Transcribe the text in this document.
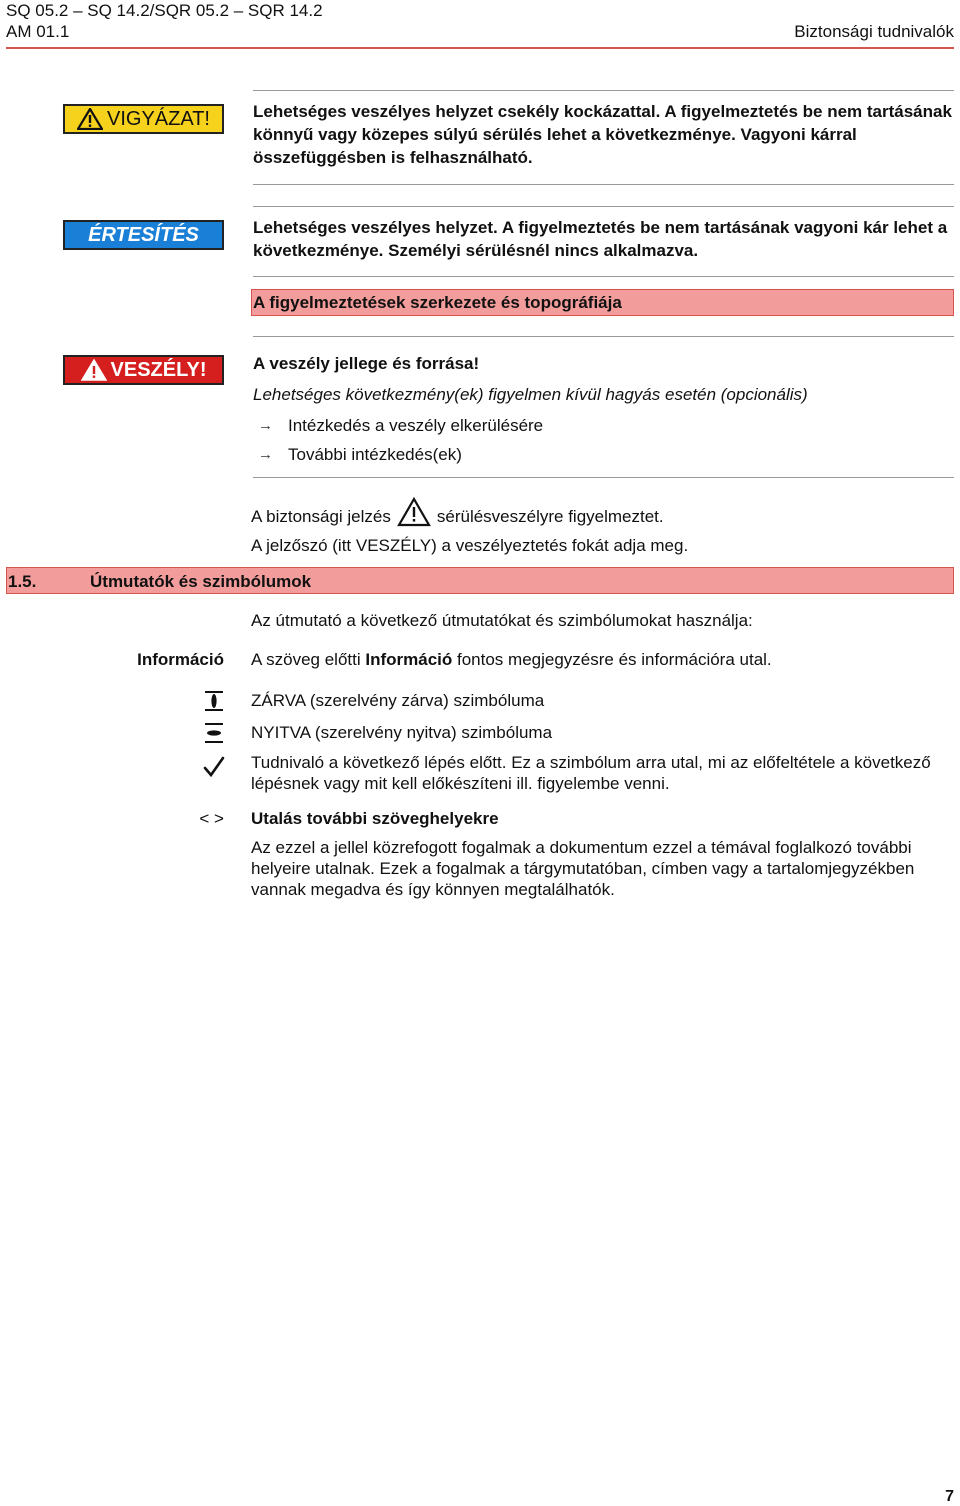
SQ 05.2 – SQ 14.2/SQR 05.2 – SQR 14.2
AM 01.1	Biztonsági tudnivalók
VIGYÁZAT!	Lehetséges veszélyes helyzet csekély kockázattal. A figyelmeztetés be nem tartásának könnyű vagy közepes súlyú sérülés lehet a következménye. Vagyoni kárral összefüggésben is felhasználható.
ÉRTESÍTÉS	Lehetséges veszélyes helyzet. A figyelmeztetés be nem tartásának vagyoni kár lehet a következménye. Személyi sérülésnél nincs alkalmazva.
A figyelmeztetések szerkezete és topográfiája
VESZÉLY!	A veszély jellege és forrása!
Lehetséges következmény(ek) figyelmen kívül hagyás esetén (opcionális)
→ Intézkedés a veszély elkerülésére
→ További intézkedés(ek)
A biztonsági jelzés	sérülésveszélyre figyelmeztet.
A jelzőszó (itt VESZÉLY) a veszélyeztetés fokát adja meg.
1.5.	Útmutatók és szimbólumok
Az útmutató a következő útmutatókat és szimbólumokat használja:
Információ A szöveg előtti Információ fontos megjegyzésre és információra utal.
ZÁRVA (szerelvény zárva) szimbóluma
NYITVA (szerelvény nyitva) szimbóluma
Tudnivaló a következő lépés előtt. Ez a szimbólum arra utal, mi az előfeltétele a következő lépésnek vagy mit kell előkészíteni ill. figyelembe venni.
< > Utalás további szöveghelyekre
Az ezzel a jellel közrefogott fogalmak a dokumentum ezzel a témával foglalkozó további helyeire utalnak. Ezek a fogalmak a tárgymutatóban, címben vagy a tartalomjegyzékben vannak megadva és így könnyen megtalálhatók.
7
